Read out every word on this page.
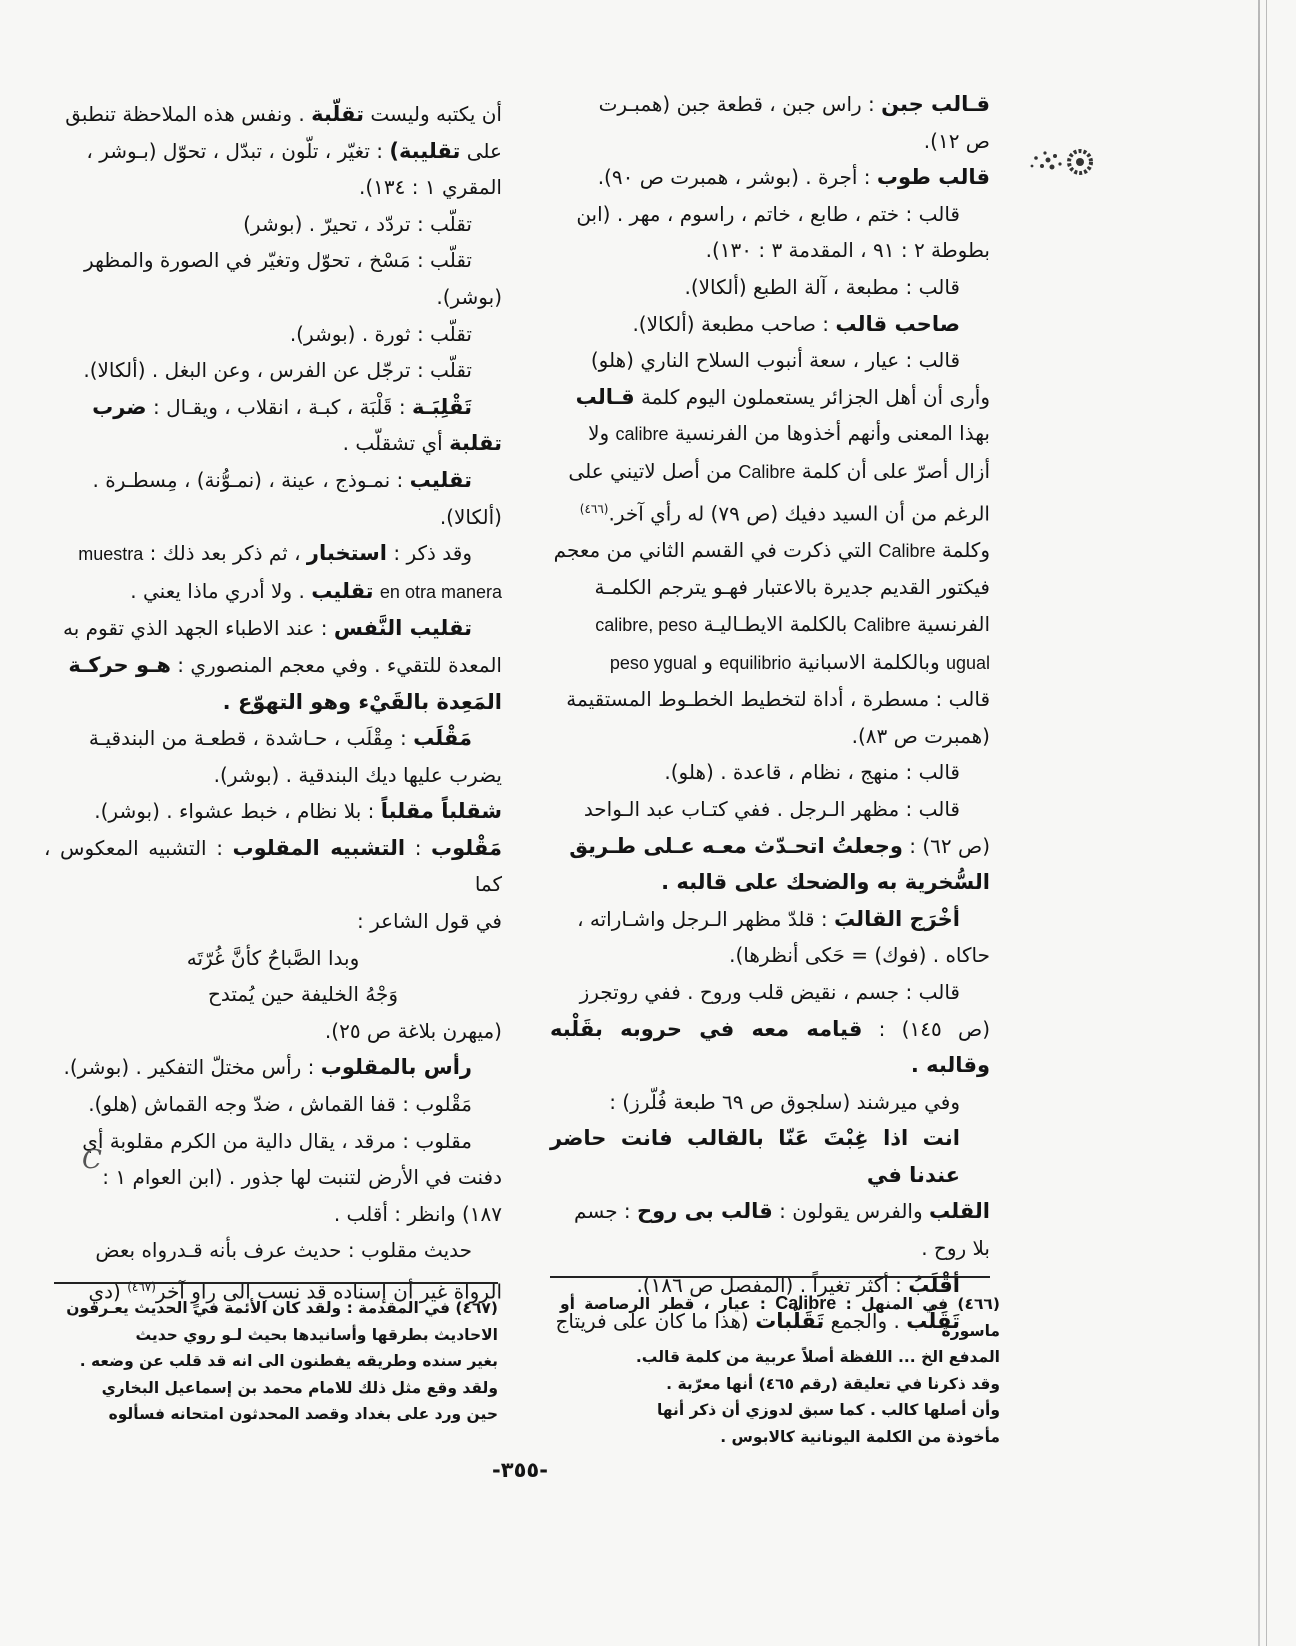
قـالب جبن : راس جبن ، قطعة جبن (همبـرت

ص ١٢).

قالب طوب : أجرة . (بوشر ، همبرت ص ٩٠).

قالب : ختم ، طابع ، خاتم ، راسوم ، مهر . (ابن

بطوطة ٢ : ٩١ ، المقدمة ٣ : ١٣٠).

قالب : مطبعة ، آلة الطبع (ألكالا).

صاحب قالب : صاحب مطبعة (ألكالا).

قالب : عيار ، سعة أنبوب السلاح الناري (هلو)

وأرى أن أهل الجزائر يستعملون اليوم كلمة قـالب

بهذا المعنى وأنهم أخذوها من الفرنسية calibre ولا

أزال أصرّ على أن كلمة Calibre من أصل لاتيني على

الرغم من أن السيد دفيك (ص ٧٩) له رأي آخر.$^{(٤٦٦)}$

وكلمة Calibre التي ذكرت في القسم الثاني من معجم

فيكتور القديم جديرة بالاعتبار فهـو يترجم الكلمـة

الفرنسية Calibre بالكلمة الايطـاليـة calibre, peso

ugual وبالكلمة الاسبانية equilibrio و peso ygual

قالب : مسطرة ، أداة لتخطيط الخطـوط المستقيمة

(همبرت ص ٨٣).

قالب : منهج ، نظام ، قاعدة . (هلو).

قالب : مظهر الـرجل . ففي كتـاب عبد الـواحد

(ص ٦٢) : وجعلتُ اتحـدّث معـه عـلى طـريق

السُّخرية به والضحك على قالبه .

أخْرَج القالبَ : قلدّ مظهر الـرجل واشـاراته ،

حاكاه . (فوك) = حَكى أنظرها).

قالب : جسم ، نقيض قلب وروح . ففي روتجرز

(ص ١٤٥) : قيامه معه في حروبه بقَلْبه وقالبه .

وفي ميرشند (سلجوق ص ٦٩ طبعة فُلّرز) :

انت اذا غِبْتَ عَنّا بالقالب فانت حاضر عندنا في

القلب والفرس يقولون : قالب بى روح : جسم

بلا روح .

أقْلَبُ : أكثر تغيراً . (المفصل ص ١٨٦).

تَقَلّب . والجمع تَقَلّبات (هذا ما كان على فريتاج

أن يكتبه وليست تقلّبة . ونفس هذه الملاحظة تنطبق

على تقليبة) : تغيّر ، تلّون ، تبدّل ، تحوّل (بـوشر ،

المقري ١ : ١٣٤).

تقلّب : تردّد ، تحيرّ . (بوشر)

تقلّب : مَسْخ ، تحوّل وتغيّر في الصورة والمظهر

(بوشر).

تقلّب : ثورة . (بوشر).

تقلّب : ترجّل عن الفرس ، وعن البغل . (ألكالا).

تَقْلِبَـة : قَلْبَة ، كبـة ، انقلاب ، ويقـال : ضرب

تقلبة أي تشقلّب .

تقليب : نمـوذج ، عينة ، (نمـوُّنة) ، مِسطـرة .

(ألكالا).

وقد ذكر : استخبار ، ثم ذكر بعد ذلك : muestra

en otra manera تقليب . ولا أدري ماذا يعني .

تقليب النَّفس : عند الاطباء الجهد الذي تقوم به

المعدة للتقيء . وفي معجم المنصوري : هـو حركـة

المَعِدة بالقَيْء وهو التهوّع .

مَقْلَب : مِقْلَب ، حـاشدة ، قطعـة من البندقيـة

يضرب عليها ديك البندقية . (بوشر).

شقلباً مقلباً : بلا نظام ، خبط عشواء . (بوشر).

مَقْلوب : التشبيه المقلوب : التشبيه المعكوس ، كما

في قول الشاعر :

وبدا الصَّباحُ كأنَّ غُرّتَه

وَجْهُ الخليفة حين يُمتدح

(ميهرن بلاغة ص ٢٥).

رأس بالمقلوب : رأس مختلّ التفكير . (بوشر).

مَقْلوب : قفا القماش ، ضدّ وجه القماش (هلو).

مقلوب : مرقد ، يقال دالية من الكرم مقلوبة أي

دفنت في الأرض لتنبت لها جذور . (ابن العوام ١ :

١٨٧) وانظر : أقلب .

حديث مقلوب : حديث عرف بأنه قـدرواه بعض

الرواة غير أن إسناده قد نسب الى راوٍ آخر$^{(٤٦٧)}$ (دي

C

(٤٦٦) في المنهل : Calibre : عيار ، قطر الرصاصة أو ماسورة

المدفع الخ ... اللفظة أصلاً عربية من كلمة قالب.

وقد ذكرنا في تعليقة (رقم ٤٦٥) أنها معرّبة .

وأن أصلها كالب . كما سبق لدوزي أن ذكر أنها

مأخوذة من الكلمة اليونانية كالابوس .

(٤٦٧) في المقدمة : ولقد كان الأئمة في الحديث يعـرفون

الاحاديث بطرقها وأسانيدها بحيث لـو روي حديث

بغير سنده وطريقه يفطنون الى انه قد قلب عن وضعه .

ولقد وقع مثل ذلك للامام محمد بن إسماعيل البخاري

حين ورد على بغداد وقصد المحدثون امتحانه فسألوه

-٣٥٥-
